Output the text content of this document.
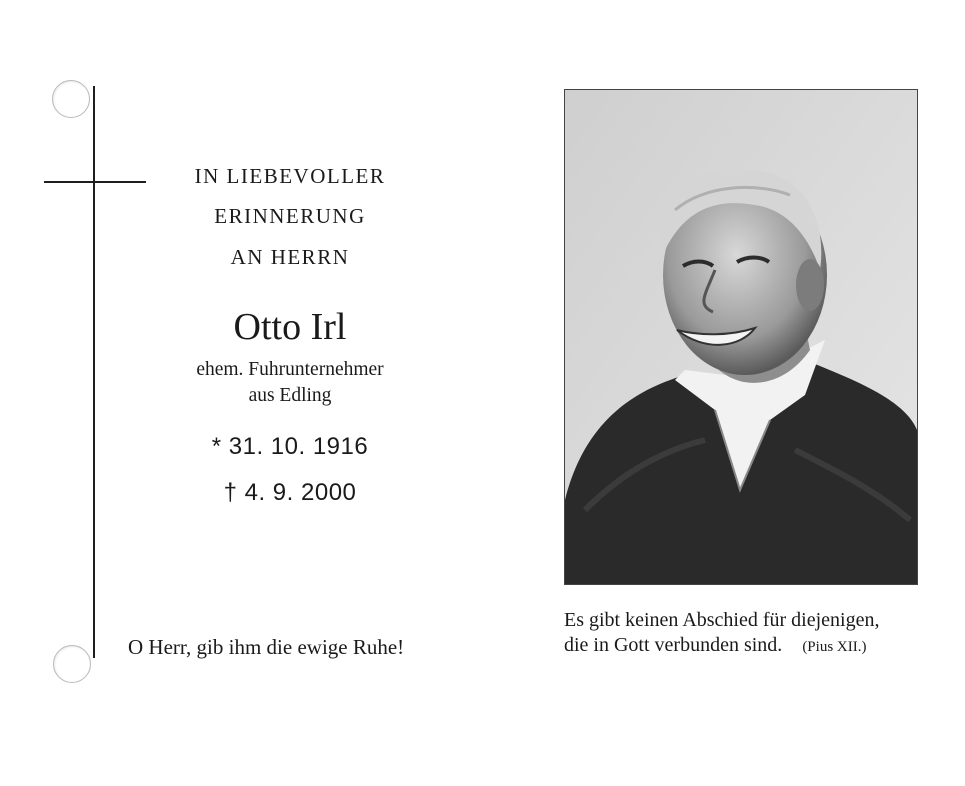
IN LIEBEVOLLER
ERINNERUNG
AN HERRN
Otto Irl
ehem. Fuhrunternehmer
aus Edling
* 31. 10. 1916
† 4. 9. 2000
O Herr, gib ihm die ewige Ruhe!
Es gibt keinen Abschied für diejenigen,
die in Gott verbunden sind. (Pius XII.)
